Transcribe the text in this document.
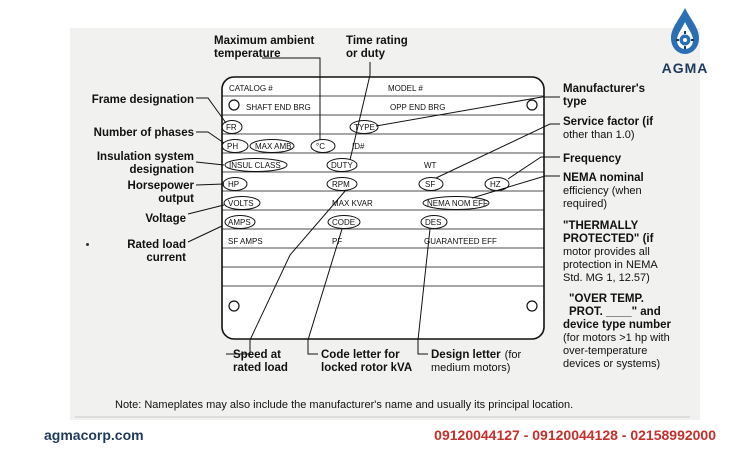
AGMA
CATALOG #	MODEL #
SHAFT END BRG	OPP END BRG
FR	TYPE
PH MAX AMB	°C	ID#
INSUL CLASS	DUTY	WT
HP	RPM	SF	HZ
VOLTS	MAX KVAR	NEMA NOM EFF
AMPS	CODE	DES
SF AMPS	PF	GUARANTEED EFF
Maximum ambient
temperature
Time rating
or duty
Frame designation
Number of phases
Insulation system
designation
Horsepower
output
Voltage
Rated load
current
Manufacturer's
type
Service factor (if
other than 1.0)
Frequency
NEMA nominal
efficiency (when
required)
"THERMALLY
PROTECTED" (if
motor provides all
protection in NEMA
Std. MG 1, 12.57)
"OVER TEMP.
PROT. ____" and
device type number
(for motors >1 hp with
over-temperature
devices or systems)
Speed at
rated load
Code letter for
locked rotor kVA
Design letter (for
medium motors)
Note: Nameplates may also include the manufacturer's name and usually its principal location.
agmacorp.com	09120044127 - 09120044128 - 02158992000
